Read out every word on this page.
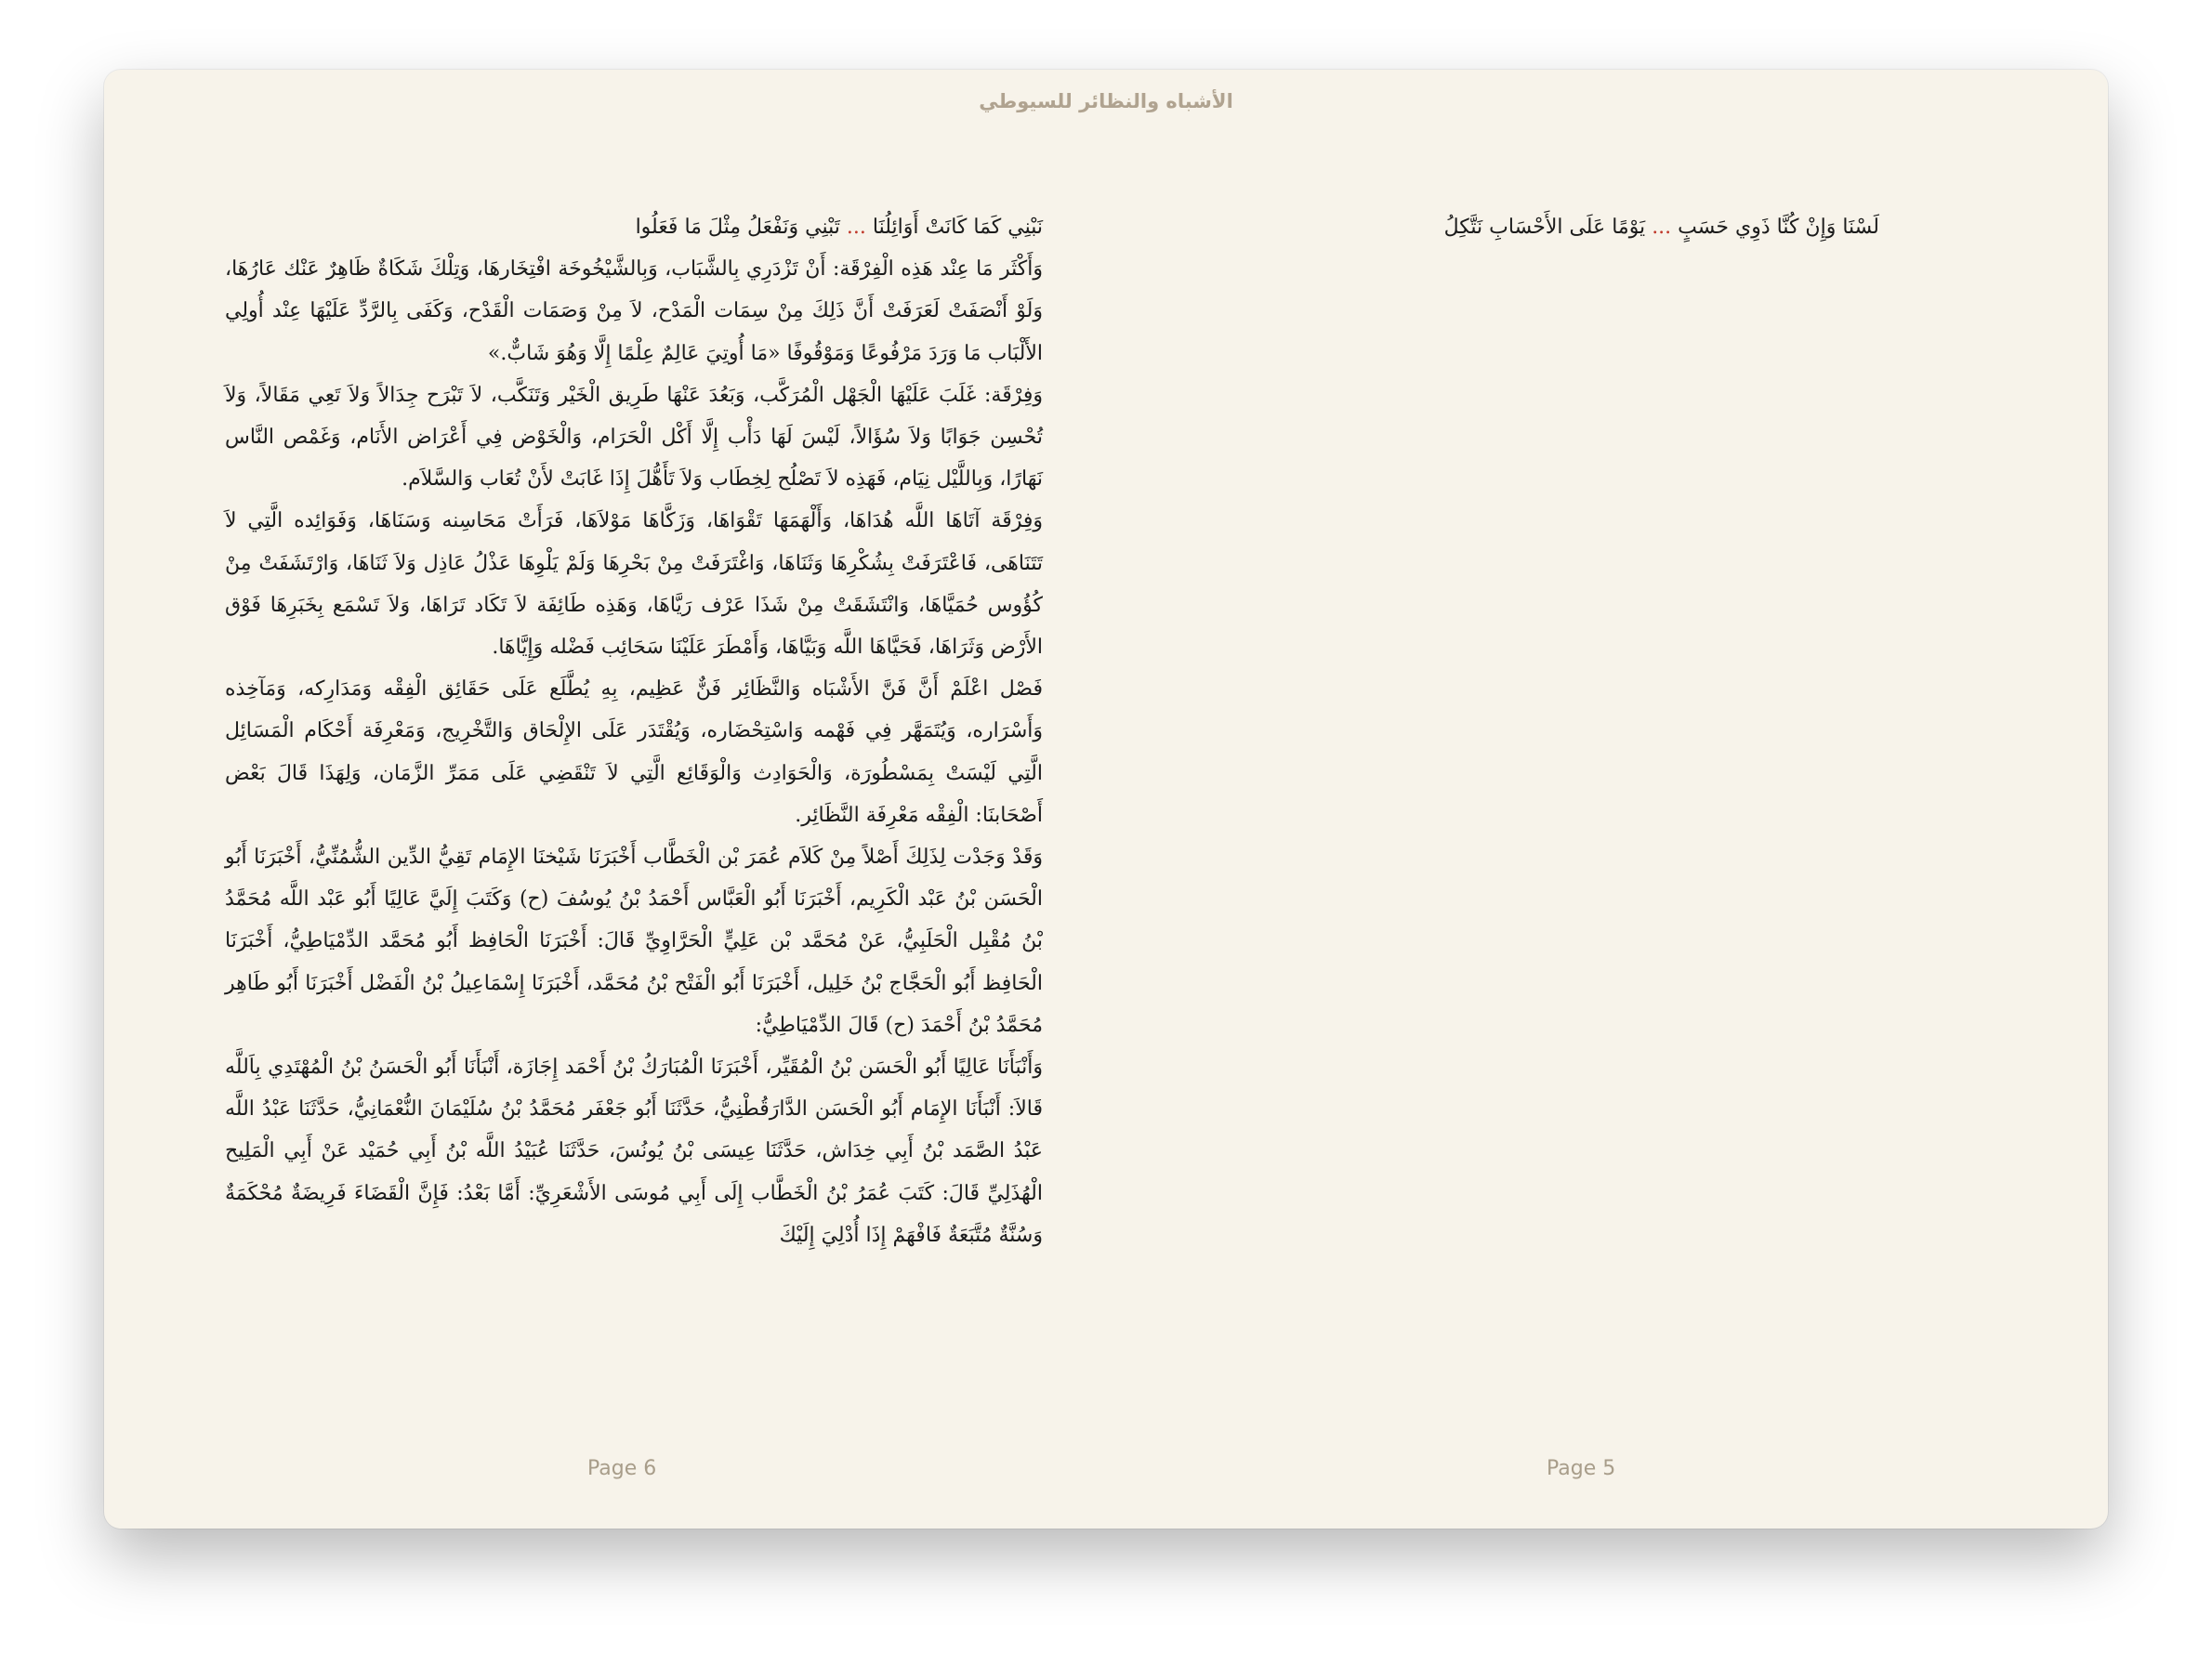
الأشباه والنظائر للسيوطي

لَسْنَا وَإِنْ كُنَّا ذَوِي حَسَبٍ ... يَوْمًا عَلَى الأَحْسَابِ نَتَّكِلُ

نَبْنِي كَمَا كَانَتْ أَوَائِلُنَا ... تَبْنِي وَنَفْعَلُ مِثْلَ مَا فَعَلُوا

وَأَكْثَر مَا عِنْد هَذِه الْفِرْقَة: أَنْ تَزْدَرِي بِالشَّبَاب، وَبِالشَّيْخُوخَة افْتِخَارهَا، وَتِلْكَ شَكَاةٌ ظَاهِرٌ عَنْك عَارُهَا، وَلَوْ أَنْصَفَتْ لَعَرَفَتْ أَنَّ ذَلِكَ مِنْ سِمَات الْمَدْح، لاَ مِنْ وَصَمَات الْقَدْح، وَكَفَى بِالرَّدِّ عَلَيْهَا عِنْد أُولِي الأَلْبَاب مَا وَرَدَ مَرْفُوعًا وَمَوْقُوفًا «مَا أُوتِيَ عَالِمٌ عِلْمًا إِلَّا وَهُوَ شَابٌّ.»

وَفِرْقَة: غَلَبَ عَلَيْهَا الْجَهْل الْمُرَكَّب، وَبَعُدَ عَنْهَا طَرِيق الْخَيْر وَتَنَكَّب، لاَ تَبْرَح جِدَالاً وَلاَ تَعِي مَقَالاً، وَلاَ تُحْسِن جَوَابًا وَلاَ سُؤَالاً، لَيْسَ لَهَا دَأْب إِلَّا أَكْل الْحَرَام، وَالْخَوْض فِي أَعْرَاض الأَنَام، وَغَمْص النَّاس نَهَارًا، وَبِاللَّيْل نِيَام، فَهَذِه لاَ تَصْلُح لِخِطَاب وَلاَ تَأَهُّلَ إِذَا غَابَتْ لأَنْ تُعَاب وَالسَّلاَم.

وَفِرْقَة آتَاهَا اللَّه هُدَاهَا، وَأَلْهَمَهَا تَقْوَاهَا، وَزَكَّاهَا مَوْلاَهَا، فَرَأَتْ مَحَاسِنه وَسَنَاهَا، وَفَوَائِده الَّتِي لاَ تَتَنَاهَى، فَاعْتَرَفَتْ بِشُكْرِهَا وَثَنَاهَا، وَاغْتَرَفَتْ مِنْ بَحْرِهَا وَلَمْ يَلْوِهَا عَذْلُ عَاذِل وَلاَ ثَنَاهَا، وَارْتَشَفَتْ مِنْ كُؤُوس حُمَيَّاهَا، وَانْتَشَقَتْ مِنْ شَذَا عَرْف رَيَّاهَا، وَهَذِه طَائِفَة لاَ تَكَاد تَرَاهَا، وَلاَ تَسْمَع بِخَبَرِهَا فَوْق الأَرْض وَثَرَاهَا، فَحَيَّاهَا اللَّه وَبَيَّاهَا، وَأَمْطَرَ عَلَيْنَا سَحَائِب فَضْله وَإِيَّاهَا.

فَصْل اعْلَمْ أَنَّ فَنَّ الأَشْبَاه وَالنَّظَائِر فَنٌّ عَظِيم، بِهِ يُطَّلَع عَلَى حَقَائِق الْفِقْه وَمَدَارِكه، وَمَآخِذه وَأَسْرَاره، وَيُتَمَهَّر فِي فَهْمه وَاسْتِحْضَاره، وَيُقْتَدَر عَلَى الإِلْحَاق وَالتَّخْرِيج، وَمَعْرِفَة أَحْكَام الْمَسَائِل الَّتِي لَيْسَتْ بِمَسْطُورَة، وَالْحَوَادِث وَالْوَقَائِع الَّتِي لاَ تَنْقَضِي عَلَى مَمَرِّ الزَّمَان، وَلِهَذَا قَالَ بَعْض أَصْحَابنَا: الْفِقْه مَعْرِفَة النَّظَائِر.

وَقَدْ وَجَدْت لِذَلِكَ أَصْلاً مِنْ كَلاَم عُمَرَ بْن الْخَطَّاب أَخْبَرَنَا شَيْخنَا الإِمَام تَقِيُّ الدِّين الشُّمُنِّيُّ، أَخْبَرَنَا أَبُو الْحَسَن بْنُ عَبْد الْكَرِيم، أَخْبَرَنَا أَبُو الْعَبَّاس أَحْمَدُ بْنُ يُوسُفَ (ح) وَكَتَبَ إِلَيَّ عَالِيًا أَبُو عَبْد اللَّه مُحَمَّدُ بْنُ مُقْبِل الْحَلَبِيُّ، عَنْ مُحَمَّد بْن عَلِيٍّ الْحَرَّاوِيِّ قَالَ: أَخْبَرَنَا الْحَافِظ أَبُو مُحَمَّد الدِّمْيَاطِيُّ، أَخْبَرَنَا الْحَافِظ أَبُو الْحَجَّاج بْنُ خَلِيل، أَخْبَرَنَا أَبُو الْفَتْح بْنُ مُحَمَّد، أَخْبَرَنَا إِسْمَاعِيلُ بْنُ الْفَضْل أَخْبَرَنَا أَبُو طَاهِر مُحَمَّدُ بْنُ أَحْمَدَ (ح) قَالَ الدِّمْيَاطِيُّ:

وَأَنْبَأَنَا عَالِيًا أَبُو الْحَسَن بْنُ الْمُقَيِّر، أَخْبَرَنَا الْمُبَارَكُ بْنُ أَحْمَد إِجَازَة، أَنْبَأَنَا أَبُو الْحَسَنُ بْنُ الْمُهْتَدِي بِاَللَّه قَالاَ: أَنْبَأَنَا الإِمَام أَبُو الْحَسَن الدَّارَقُطْنِيُّ، حَدَّثَنَا أَبُو جَعْفَر مُحَمَّدُ بْنُ سُلَيْمَانَ النُّعْمَانِيُّ، حَدَّثَنَا عَبْدُ اللَّه عَبْدُ الصَّمَد بْنُ أَبِي خِدَاش، حَدَّثَنَا عِيسَى بْنُ يُونُسَ، حَدَّثَنَا عُبَيْدُ اللَّه بْنُ أَبِي حُمَيْد عَنْ أَبِي الْمَلِيح الْهُذَلِيِّ قَالَ: كَتَبَ عُمَرُ بْنُ الْخَطَّاب إِلَى أَبِي مُوسَى الأَشْعَرِيِّ: أَمَّا بَعْدُ: فَإِنَّ الْقَضَاءَ فَرِيضَةٌ مُحْكَمَةٌ وَسُنَّةٌ مُتَّبَعَةٌ فَافْهَمْ إِذَا أُدْلِيَ إِلَيْكَ

Page 6	Page 5
